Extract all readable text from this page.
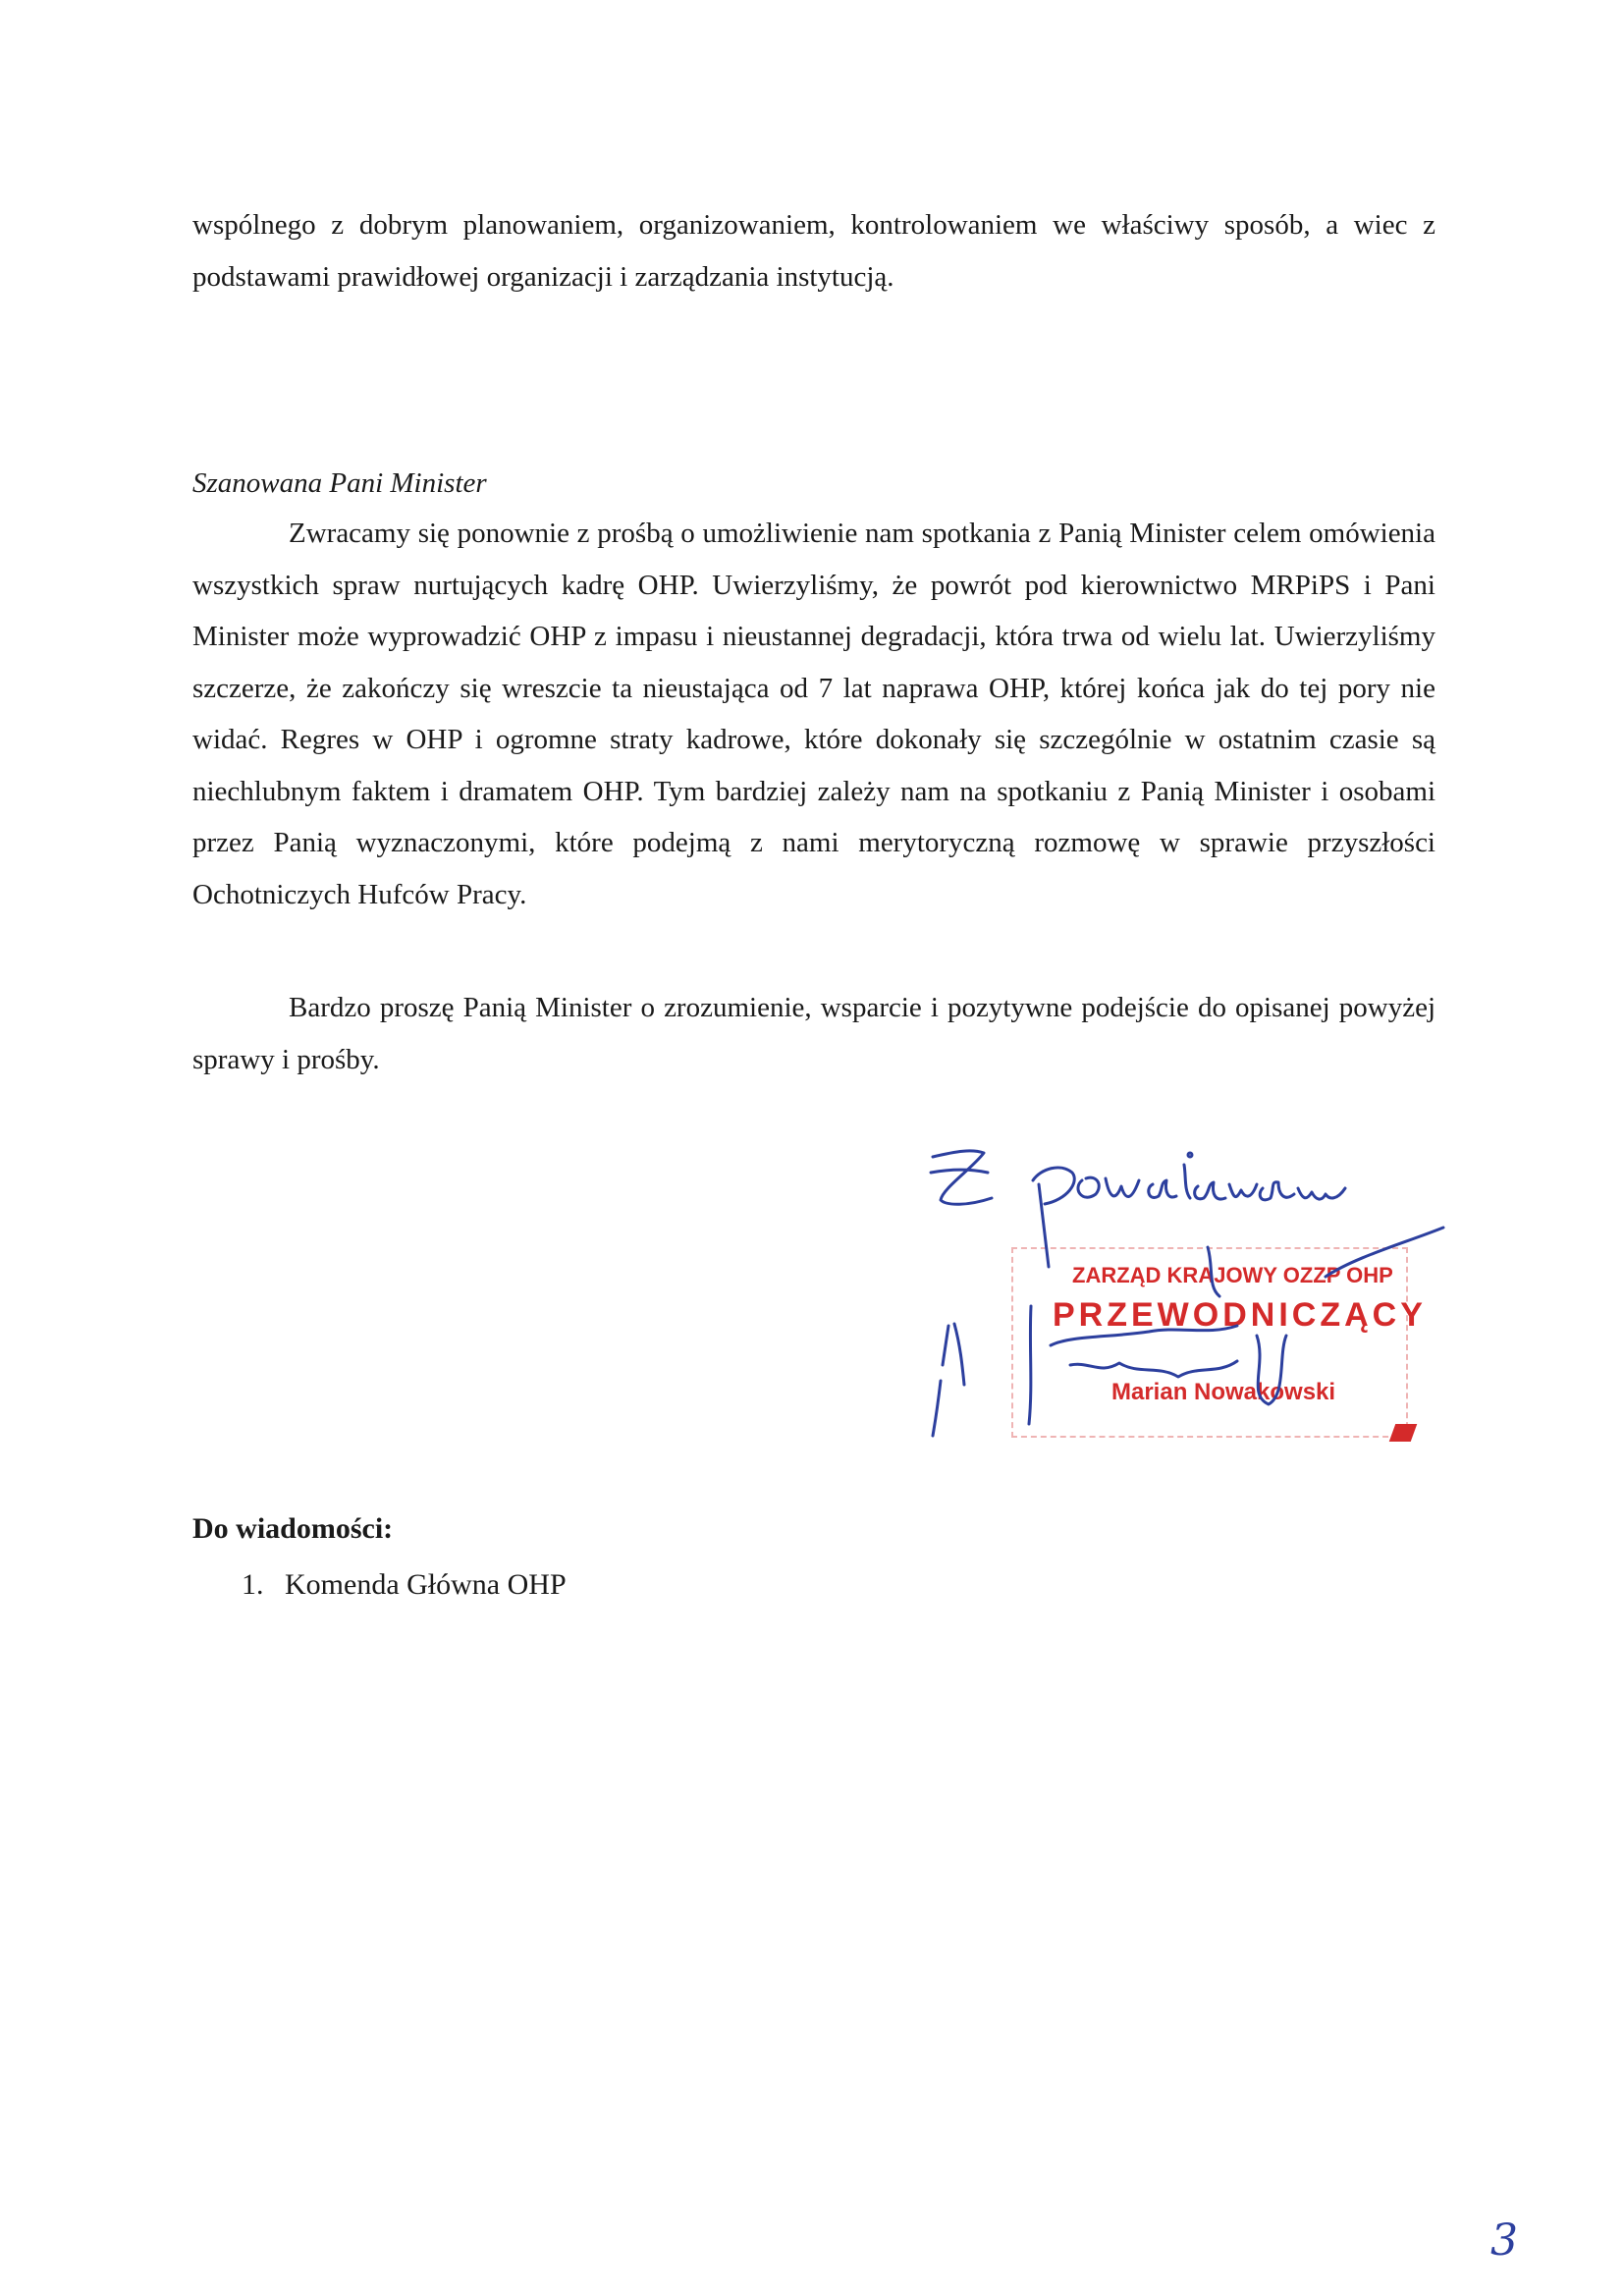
wspólnego z dobrym planowaniem, organizowaniem, kontrolowaniem we właściwy sposób, a wiec z podstawami prawidłowej organizacji i zarządzania instytucją.

Szanowana Pani Minister

Zwracamy się ponownie z prośbą o umożliwienie nam spotkania z Panią Minister celem omówienia wszystkich spraw nurtujących kadrę OHP. Uwierzyliśmy, że powrót pod kierownictwo MRPiPS i Pani Minister może wyprowadzić OHP z impasu i nieustannej degradacji, która trwa od wielu lat. Uwierzyliśmy szczerze, że zakończy się wreszcie ta nieustająca od 7 lat naprawa OHP, której końca jak do tej pory nie widać. Regres w OHP i ogromne straty kadrowe, które dokonały się szczególnie w ostatnim czasie są niechlubnym faktem i dramatem OHP. Tym bardziej zależy nam na spotkaniu z Panią Minister i osobami przez Panią wyznaczonymi, które podejmą z nami merytoryczną rozmowę w sprawie przyszłości Ochotniczych Hufców Pracy.

Bardzo proszę Panią Minister o zrozumienie, wsparcie i pozytywne podejście do opisanej powyżej sprawy i prośby.

ZARZĄD KRAJOWY OZZP OHP
PRZEWODNICZĄCY
Marian Nowakowski

Do wiadomości:

1. Komenda Główna OHP
3
